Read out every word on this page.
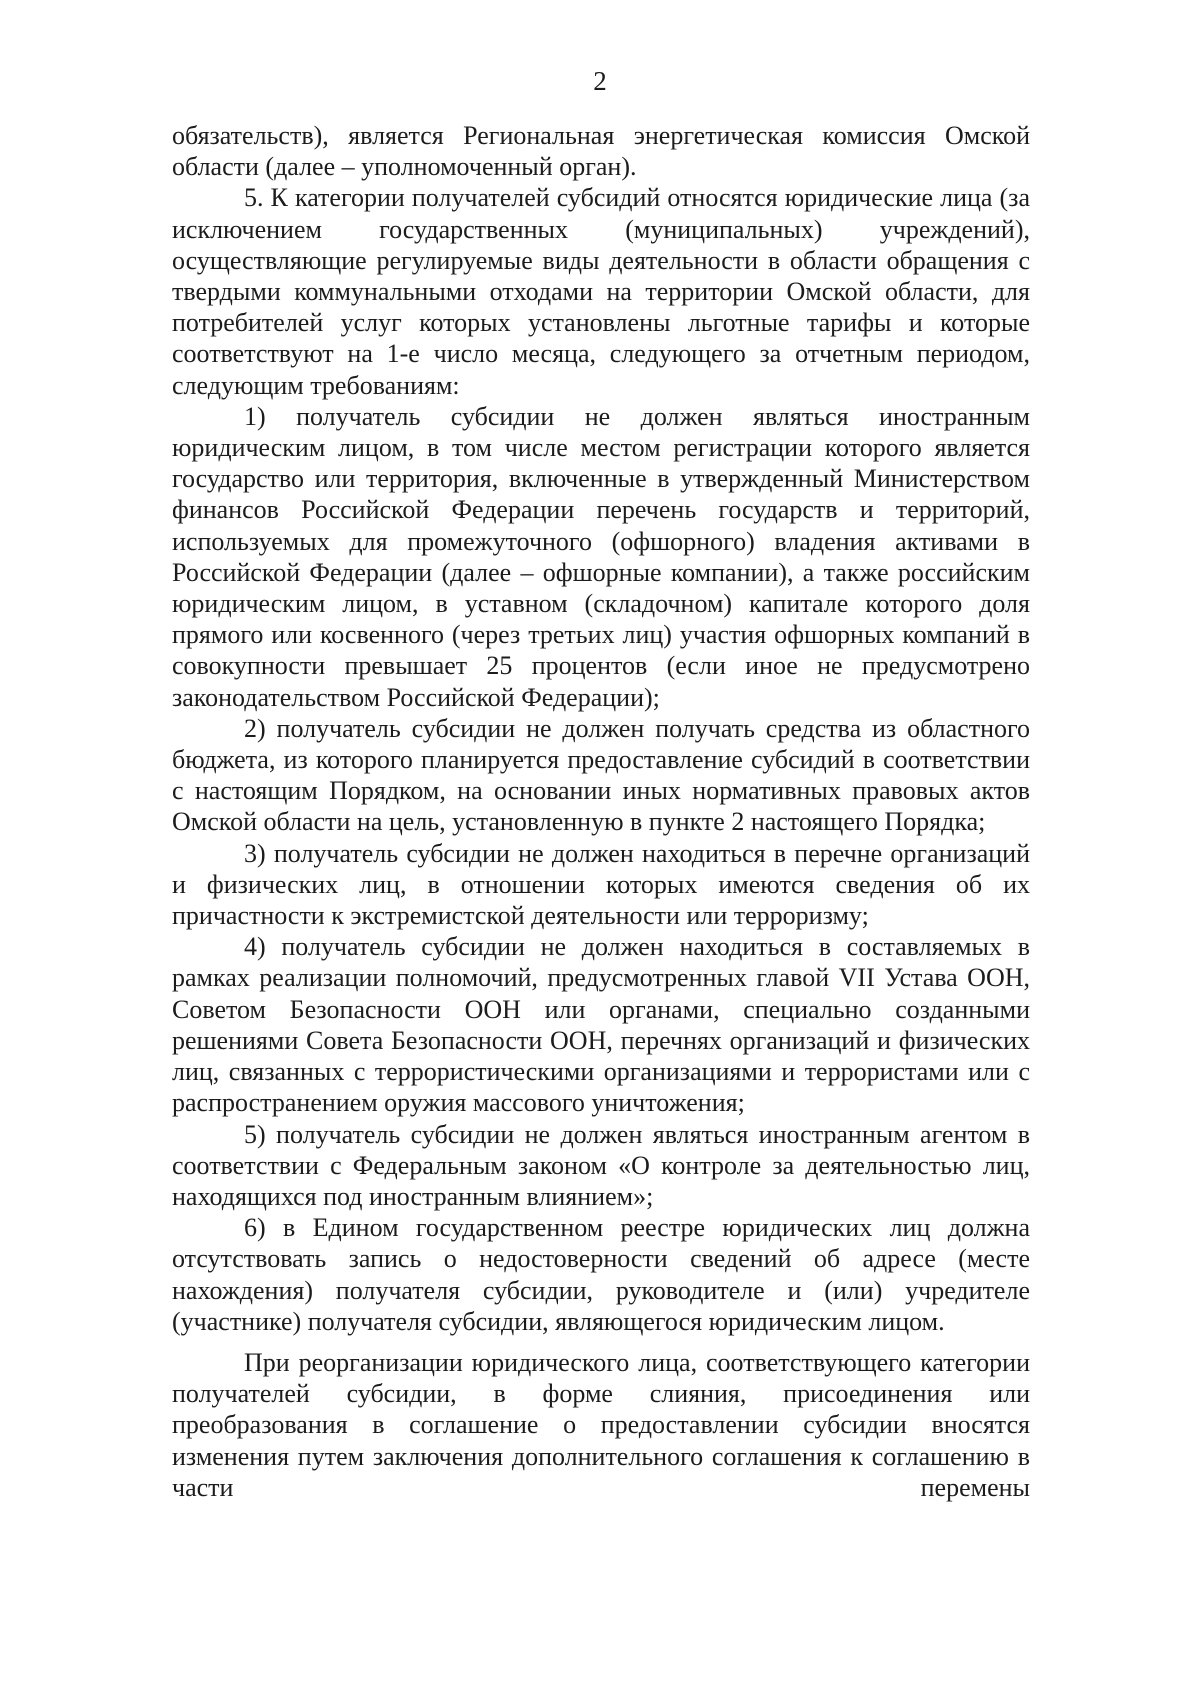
2

обязательств), является Региональная энергетическая комиссия Омской области (далее – уполномоченный орган).

5. К категории получателей субсидий относятся юридические лица (за исключением государственных (муниципальных) учреждений), осуществляющие регулируемые виды деятельности в области обращения с твердыми коммунальными отходами на территории Омской области, для потребителей услуг которых установлены льготные тарифы и которые соответствуют на 1-е число месяца, следующего за отчетным периодом, следующим требованиям:

1) получатель субсидии не должен являться иностранным юридическим лицом, в том числе местом регистрации которого является государство или территория, включенные в утвержденный Министерством финансов Российской Федерации перечень государств и территорий, используемых для промежуточного (офшорного) владения активами в Российской Федерации (далее – офшорные компании), а также российским юридическим лицом, в уставном (складочном) капитале которого доля прямого или косвенного (через третьих лиц) участия офшорных компаний в совокупности превышает 25 процентов (если иное не предусмотрено законодательством Российской Федерации);

2) получатель субсидии не должен получать средства из областного бюджета, из которого планируется предоставление субсидий в соответствии с настоящим Порядком, на основании иных нормативных правовых актов Омской области на цель, установленную в пункте 2 настоящего Порядка;

3) получатель субсидии не должен находиться в перечне организаций и физических лиц, в отношении которых имеются сведения об их причастности к экстремистской деятельности или терроризму;

4) получатель субсидии не должен находиться в составляемых в рамках реализации полномочий, предусмотренных главой VII Устава ООН, Советом Безопасности ООН или органами, специально созданными решениями Совета Безопасности ООН, перечнях организаций и физических лиц, связанных с террористическими организациями и террористами или с распространением оружия массового уничтожения;

5) получатель субсидии не должен являться иностранным агентом в соответствии с Федеральным законом «О контроле за деятельностью лиц, находящихся под иностранным влиянием»;

6) в Едином государственном реестре юридических лиц должна отсутствовать запись о недостоверности сведений об адресе (месте нахождения) получателя субсидии, руководителе и (или) учредителе (участнике) получателя субсидии, являющегося юридическим лицом.

При реорганизации юридического лица, соответствующего категории получателей субсидии, в форме слияния, присоединения или преобразования в соглашение о предоставлении субсидии вносятся изменения путем заключения дополнительного соглашения к соглашению в части перемены
